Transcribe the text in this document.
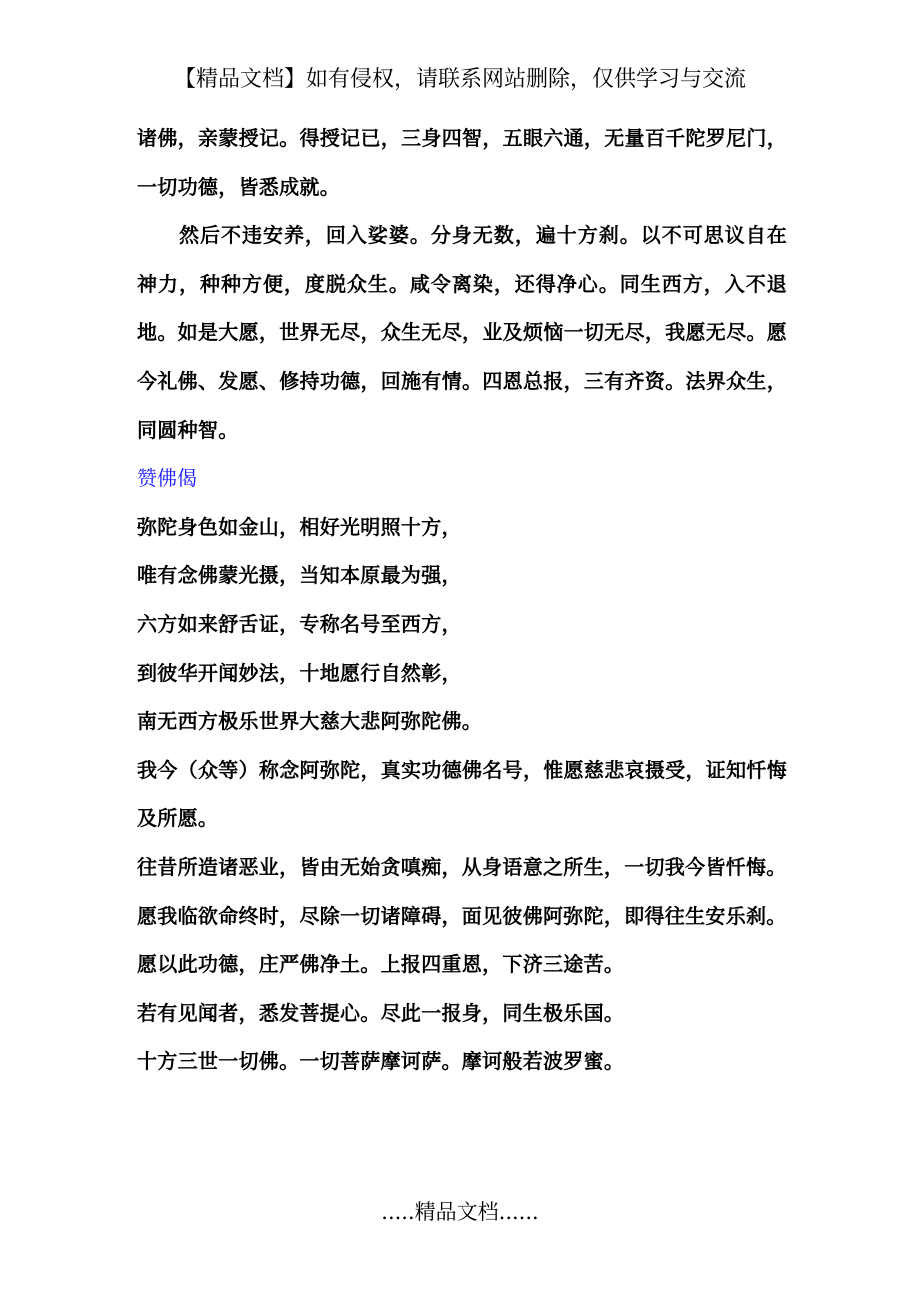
【精品文档】如有侵权，请联系网站删除，仅供学习与交流

诸佛，亲蒙授记。得授记已，三身四智，五眼六通，无量百千陀罗尼门，一切功德，皆悉成就。

然后不违安养，回入娑婆。分身无数，遍十方刹。以不可思议自在神力，种种方便，度脱众生。咸令离染，还得净心。同生西方，入不退地。如是大愿，世界无尽，众生无尽，业及烦恼一切无尽，我愿无尽。愿今礼佛、发愿、修持功德，回施有情。四恩总报，三有齐资。法界众生，同圆种智。

赞佛偈

弥陀身色如金山，相好光明照十方，

唯有念佛蒙光摄，当知本原最为强，

六方如来舒舌证，专称名号至西方，

到彼华开闻妙法，十地愿行自然彰，

南无西方极乐世界大慈大悲阿弥陀佛。

我今（众等）称念阿弥陀，真实功德佛名号，惟愿慈悲哀摄受，证知忏悔及所愿。

往昔所造诸恶业，皆由无始贪嗔痴，从身语意之所生，一切我今皆忏悔。

愿我临欲命终时，尽除一切诸障碍，面见彼佛阿弥陀，即得往生安乐刹。

愿以此功德，庄严佛净土。上报四重恩，下济三途苦。

若有见闻者，悉发菩提心。尽此一报身，同生极乐国。

十方三世一切佛。一切菩萨摩诃萨。摩诃般若波罗蜜。

.....精品文档......
